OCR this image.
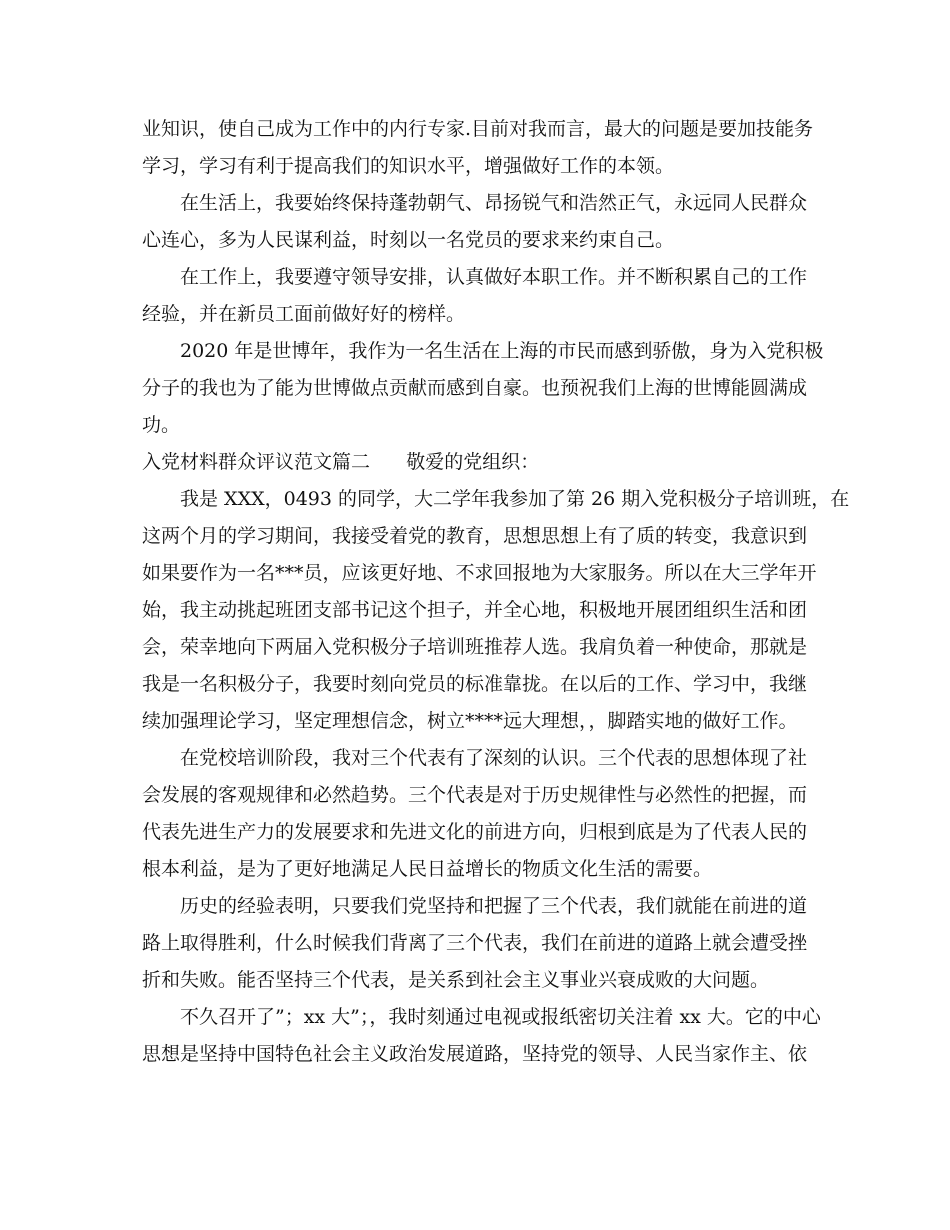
业知识，使自己成为工作中的内行专家.目前对我而言，最大的问题是要加技能务
学习，学习有利于提高我们的知识水平，增强做好工作的本领。
在生活上，我要始终保持蓬勃朝气、昂扬锐气和浩然正气，永远同人民群众
心连心，多为人民谋利益，时刻以一名党员的要求来约束自己。
在工作上，我要遵守领导安排，认真做好本职工作。并不断积累自己的工作
经验，并在新员工面前做好好的榜样。
2020 年是世博年，我作为一名生活在上海的市民而感到骄傲，身为入党积极
分子的我也为了能为世博做点贡献而感到自豪。也预祝我们上海的世博能圆满成
功。
入党材料群众评议范文篇二      敬爱的党组织：
我是 XXX，0493 的同学，大二学年我参加了第 26 期入党积极分子培训班，在
这两个月的学习期间，我接受着党的教育，思想思想上有了质的转变，我意识到
如果要作为一名***员，应该更好地、不求回报地为大家服务。所以在大三学年开
始，我主动挑起班团支部书记这个担子，并全心地，积极地开展团组织生活和团
会，荣幸地向下两届入党积极分子培训班推荐人选。我肩负着一种使命，那就是
我是一名积极分子，我要时刻向党员的标准靠拢。在以后的工作、学习中，我继
续加强理论学习，坚定理想信念，树立****远大理想，，脚踏实地的做好工作。
在党校培训阶段，我对三个代表有了深刻的认识。三个代表的思想体现了社
会发展的客观规律和必然趋势。三个代表是对于历史规律性与必然性的把握，而
代表先进生产力的发展要求和先进文化的前进方向，归根到底是为了代表人民的
根本利益，是为了更好地满足人民日益增长的物质文化生活的需要。
历史的经验表明，只要我们党坚持和把握了三个代表，我们就能在前进的道
路上取得胜利，什么时候我们背离了三个代表，我们在前进的道路上就会遭受挫
折和失败。能否坚持三个代表，是关系到社会主义事业兴衰成败的大问题。
不久召开了”；xx 大”；，我时刻通过电视或报纸密切关注着 xx 大。它的中心
思想是坚持中国特色社会主义政治发展道路，坚持党的领导、人民当家作主、依
